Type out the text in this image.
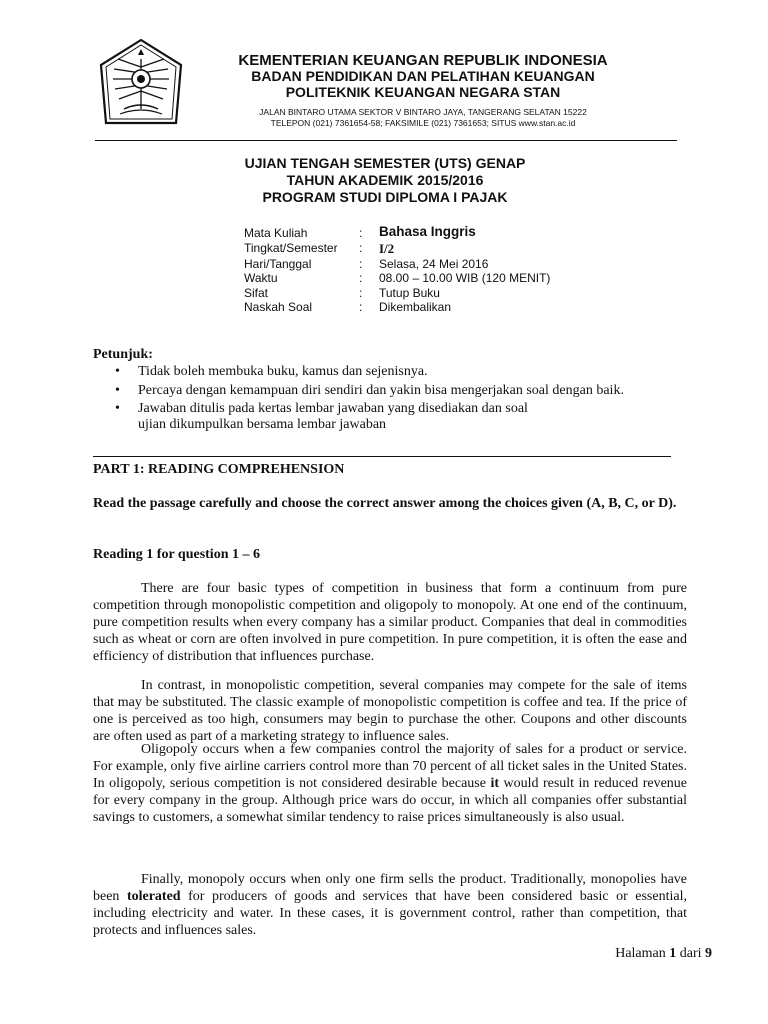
KEMENTERIAN KEUANGAN REPUBLIK INDONESIA
BADAN PENDIDIKAN DAN PELATIHAN KEUANGAN
POLITEKNIK KEUANGAN NEGARA STAN
JALAN BINTARO UTAMA SEKTOR V BINTARO JAYA, TANGERANG SELATAN 15222
TELEPON (021) 7361654-58; FAKSIMILE (021) 7361653; SITUS www.stan.ac.id
UJIAN TENGAH SEMESTER (UTS) GENAP
TAHUN AKADEMIK 2015/2016
PROGRAM STUDI DIPLOMA I PAJAK
Mata Kuliah	: Bahasa Inggris
Tingkat/Semester : I/2
Hari/Tanggal	: Selasa, 24 Mei 2016
Waktu	: 08.00 – 10.00 WIB (120 MENIT)
Sifat	: Tutup Buku
Naskah Soal	: Dikembalikan
Petunjuk:
• Tidak boleh membuka buku, kamus dan sejenisnya.
• Percaya dengan kemampuan diri sendiri dan yakin bisa mengerjakan soal dengan baik.
• Jawaban ditulis pada kertas lembar jawaban yang disediakan dan soal ujian dikumpulkan bersama lembar jawaban
PART 1: READING COMPREHENSION
Read the passage carefully and choose the correct answer among the choices given (A, B, C, or D).
Reading 1 for question 1 – 6

There are four basic types of competition in business that form a continuum from pure competition through monopolistic competition and oligopoly to monopoly. At one end of the continuum, pure competition results when every company has a similar product. Companies that deal in commodities such as wheat or corn are often involved in pure competition. In pure competition, it is often the ease and efficiency of distribution that influences purchase.

In contrast, in monopolistic competition, several companies may compete for the sale of items that may be substituted. The classic example of monopolistic competition is coffee and tea. If the price of one is perceived as too high, consumers may begin to purchase the other. Coupons and other discounts are often used as part of a marketing strategy to influence sales.

Oligopoly occurs when a few companies control the majority of sales for a product or service. For example, only five airline carriers control more than 70 percent of all ticket sales in the United States. In oligopoly, serious competition is not considered desirable because it would result in reduced revenue for every company in the group. Although price wars do occur, in which all companies offer substantial savings to customers, a somewhat similar tendency to raise prices simultaneously is also usual.

Finally, monopoly occurs when only one firm sells the product. Traditionally, monopolies have been tolerated for producers of goods and services that have been considered basic or essential, including electricity and water. In these cases, it is government control, rather than competition, that protects and influences sales.

Halaman 1 dari 9
